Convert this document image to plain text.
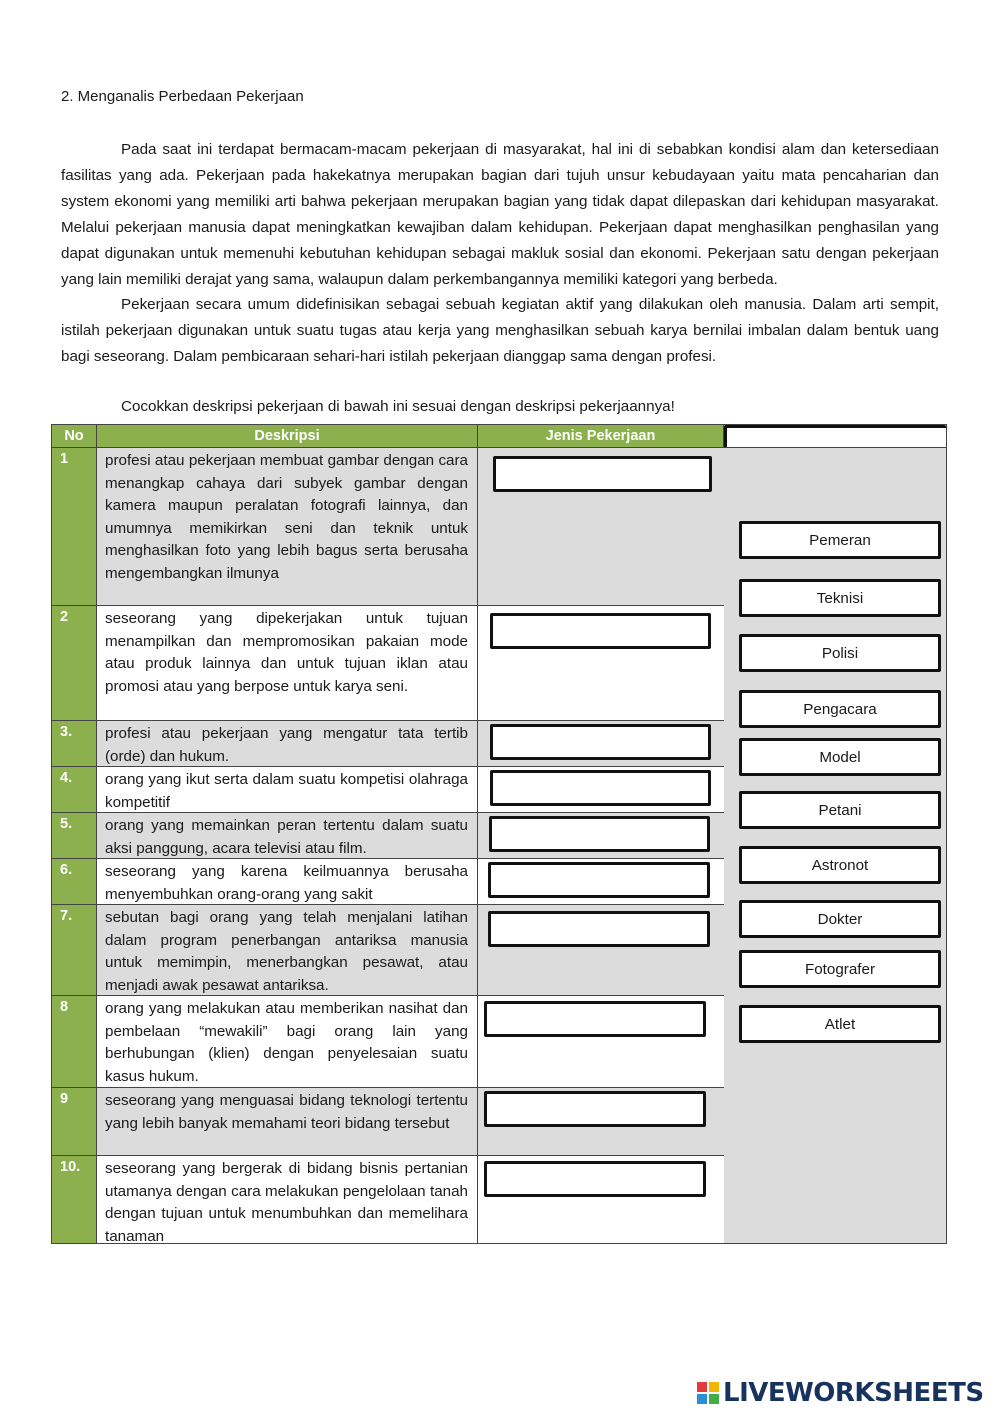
2. Menganalis Perbedaan Pekerjaan

Pada saat ini terdapat bermacam-macam pekerjaan di masyarakat, hal ini di sebabkan kondisi alam dan ketersediaan fasilitas yang ada. Pekerjaan pada hakekatnya merupakan bagian dari tujuh unsur kebudayaan yaitu mata pencaharian dan system ekonomi yang memiliki arti bahwa pekerjaan merupakan bagian yang tidak dapat dilepaskan dari kehidupan masyarakat. Melalui pekerjaan manusia dapat meningkatkan kewajiban dalam kehidupan. Pekerjaan dapat menghasilkan penghasilan yang dapat digunakan untuk memenuhi kebutuhan kehidupan sebagai makluk sosial dan ekonomi. Pekerjaan satu dengan pekerjaan yang lain memiliki derajat yang sama, walaupun dalam perkembangannya memiliki kategori yang berbeda.

Pekerjaan secara umum didefinisikan sebagai sebuah kegiatan aktif yang dilakukan oleh manusia. Dalam arti sempit, istilah pekerjaan digunakan untuk suatu tugas atau kerja yang menghasilkan sebuah karya bernilai imbalan dalam bentuk uang bagi seseorang. Dalam pembicaraan sehari-hari istilah pekerjaan dianggap sama dengan profesi.

Cocokkan deskripsi pekerjaan di bawah ini sesuai dengan deskripsi pekerjaannya!
No	Deskripsi	Jenis Pekerjaan
1	profesi atau pekerjaan membuat gambar dengan cara menangkap cahaya dari subyek gambar dengan kamera maupun peralatan fotografi lainnya, dan umumnya memikirkan seni dan teknik untuk menghasilkan foto yang lebih bagus serta berusaha mengembangkan ilmunya
2	seseorang yang dipekerjakan untuk tujuan menampilkan dan mempromosikan pakaian mode atau produk lainnya dan untuk tujuan iklan atau promosi atau yang berpose untuk karya seni.
3.	profesi atau pekerjaan yang mengatur tata tertib (orde) dan hukum.
4.	orang yang ikut serta dalam suatu kompetisi olahraga kompetitif
5.	orang yang memainkan peran tertentu dalam suatu aksi panggung, acara televisi atau film.
6.	seseorang yang karena keilmuannya berusaha menyembuhkan orang-orang yang sakit
7.	sebutan bagi orang yang telah menjalani latihan dalam program penerbangan antariksa manusia untuk memimpin, menerbangkan pesawat, atau menjadi awak pesawat antariksa.
8	orang yang melakukan atau memberikan nasihat dan pembelaan “mewakili” bagi orang lain yang berhubungan (klien) dengan penyelesaian suatu kasus hukum.
9	seseorang yang menguasai bidang teknologi tertentu yang lebih banyak memahami teori bidang tersebut
10.	seseorang yang bergerak di bidang bisnis pertanian utamanya dengan cara melakukan pengelolaan tanah dengan tujuan untuk menumbuhkan dan memelihara tanaman
Pemeran
Teknisi
Polisi
Pengacara
Model
Petani
Astronot
Dokter
Fotografer
Atlet
LIVEWORKSHEETS
